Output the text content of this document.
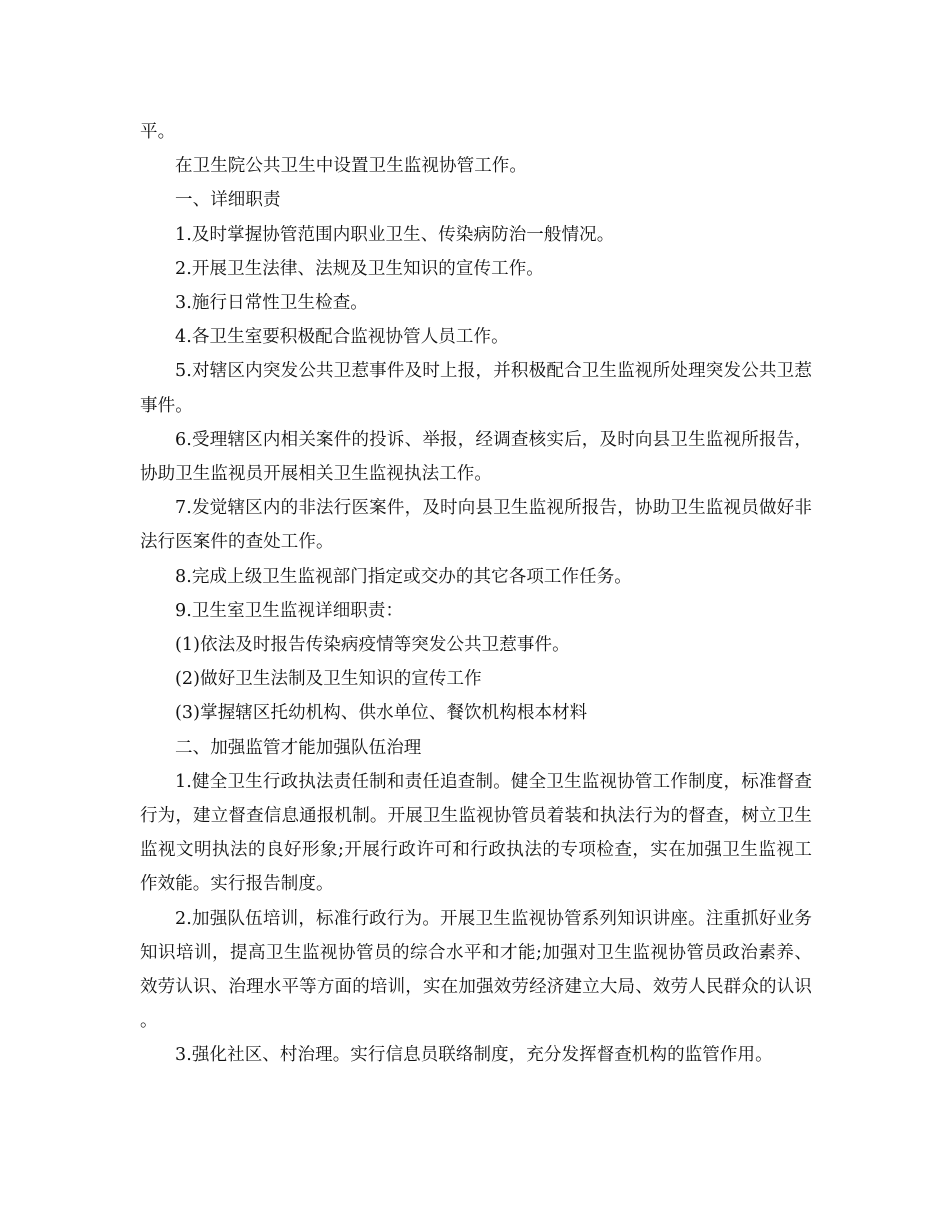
平。

在卫生院公共卫生中设置卫生监视协管工作。

一、详细职责

1.及时掌握协管范围内职业卫生、传染病防治一般情况。

2.开展卫生法律、法规及卫生知识的宣传工作。

3.施行日常性卫生检查。

4.各卫生室要积极配合监视协管人员工作。

5.对辖区内突发公共卫惹事件及时上报，并积极配合卫生监视所处理突发公共卫惹事件。

6.受理辖区内相关案件的投诉、举报，经调查核实后，及时向县卫生监视所报告，协助卫生监视员开展相关卫生监视执法工作。

7.发觉辖区内的非法行医案件，及时向县卫生监视所报告，协助卫生监视员做好非法行医案件的查处工作。

8.完成上级卫生监视部门指定或交办的其它各项工作任务。

9.卫生室卫生监视详细职责：

(1)依法及时报告传染病疫情等突发公共卫惹事件。

(2)做好卫生法制及卫生知识的宣传工作

(3)掌握辖区托幼机构、供水单位、餐饮机构根本材料

二、加强监管才能加强队伍治理

1.健全卫生行政执法责任制和责任追查制。健全卫生监视协管工作制度，标准督查行为，建立督查信息通报机制。开展卫生监视协管员着装和执法行为的督查，树立卫生监视文明执法的良好形象;开展行政许可和行政执法的专项检查，实在加强卫生监视工作效能。实行报告制度。

2.加强队伍培训，标准行政行为。开展卫生监视协管系列知识讲座。注重抓好业务知识培训，提高卫生监视协管员的综合水平和才能;加强对卫生监视协管员政治素养、效劳认识、治理水平等方面的培训，实在加强效劳经济建立大局、效劳人民群众的认识。

3.强化社区、村治理。实行信息员联络制度，充分发挥督查机构的监管作用。
